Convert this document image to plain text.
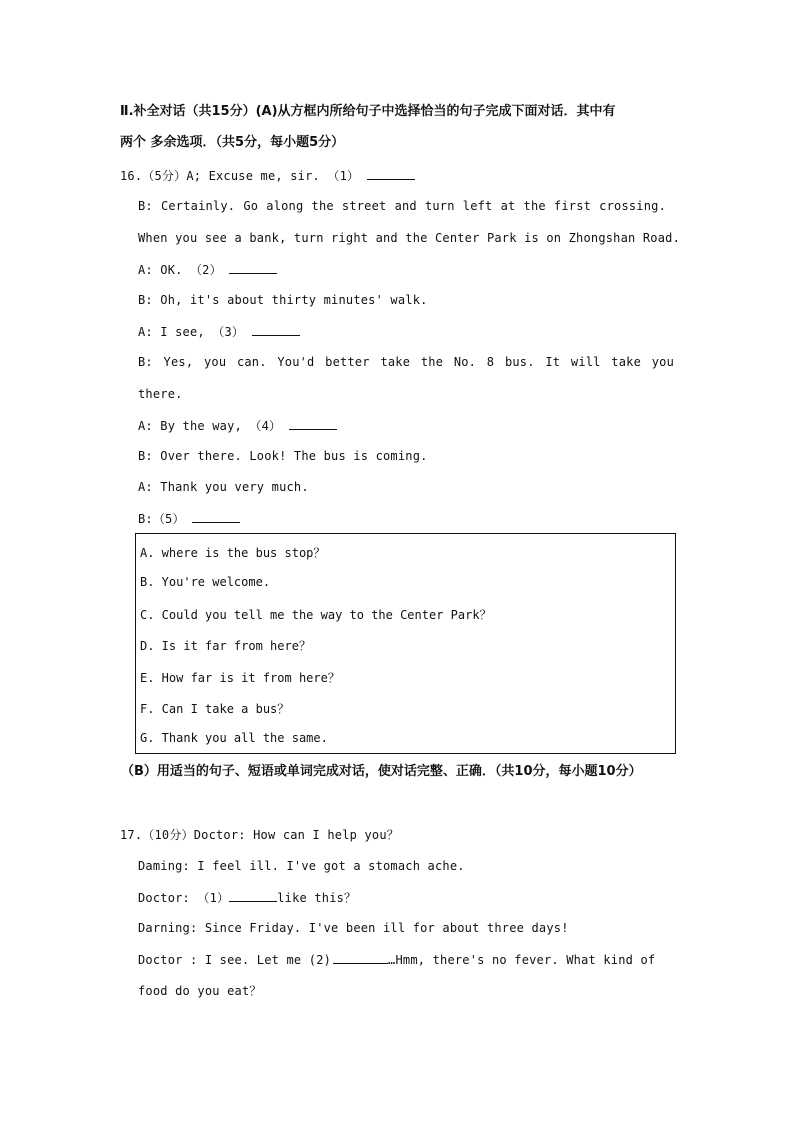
Ⅱ.补全对话（共15分）(A)从方框内所给句子中选择恰当的句子完成下面对话．其中有
两个 多余选项．（共5分，每小题5分）
16.（5分）A; Excuse me, sir. （1）
B: Certainly. Go along the street and turn left at the first crossing.
When you see a bank, turn right and the Center Park is on Zhongshan Road.
A: OK. （2）
B: Oh, it's about thirty minutes' walk.
A: I see, （3）
B: Yes, you can. You'd better take the No. 8 bus. It will take you
there.
A: By the way, （4）
B: Over there. Look! The bus is coming.
A: Thank you very much.
B:（5）
A. where is the bus stop？
B. You're welcome.
C. Could you tell me the way to the Center Park？
D. Is it far from here？
E. How far is it from here？
F. Can I take a bus？
G. Thank you all the same.
（B）用适当的句子、短语或单词完成对话，使对话完整、正确．（共10分，每小题10分）
17.（10分）Doctor: How can I help you？
Daming: I feel ill. I've got a stomach ache.
Doctor: （1）	like this？
Darning: Since Friday. I've been ill for about three days!
Doctor : I see. Let me (2)	…Hmm, there's no fever. What kind of
food do you eat？
